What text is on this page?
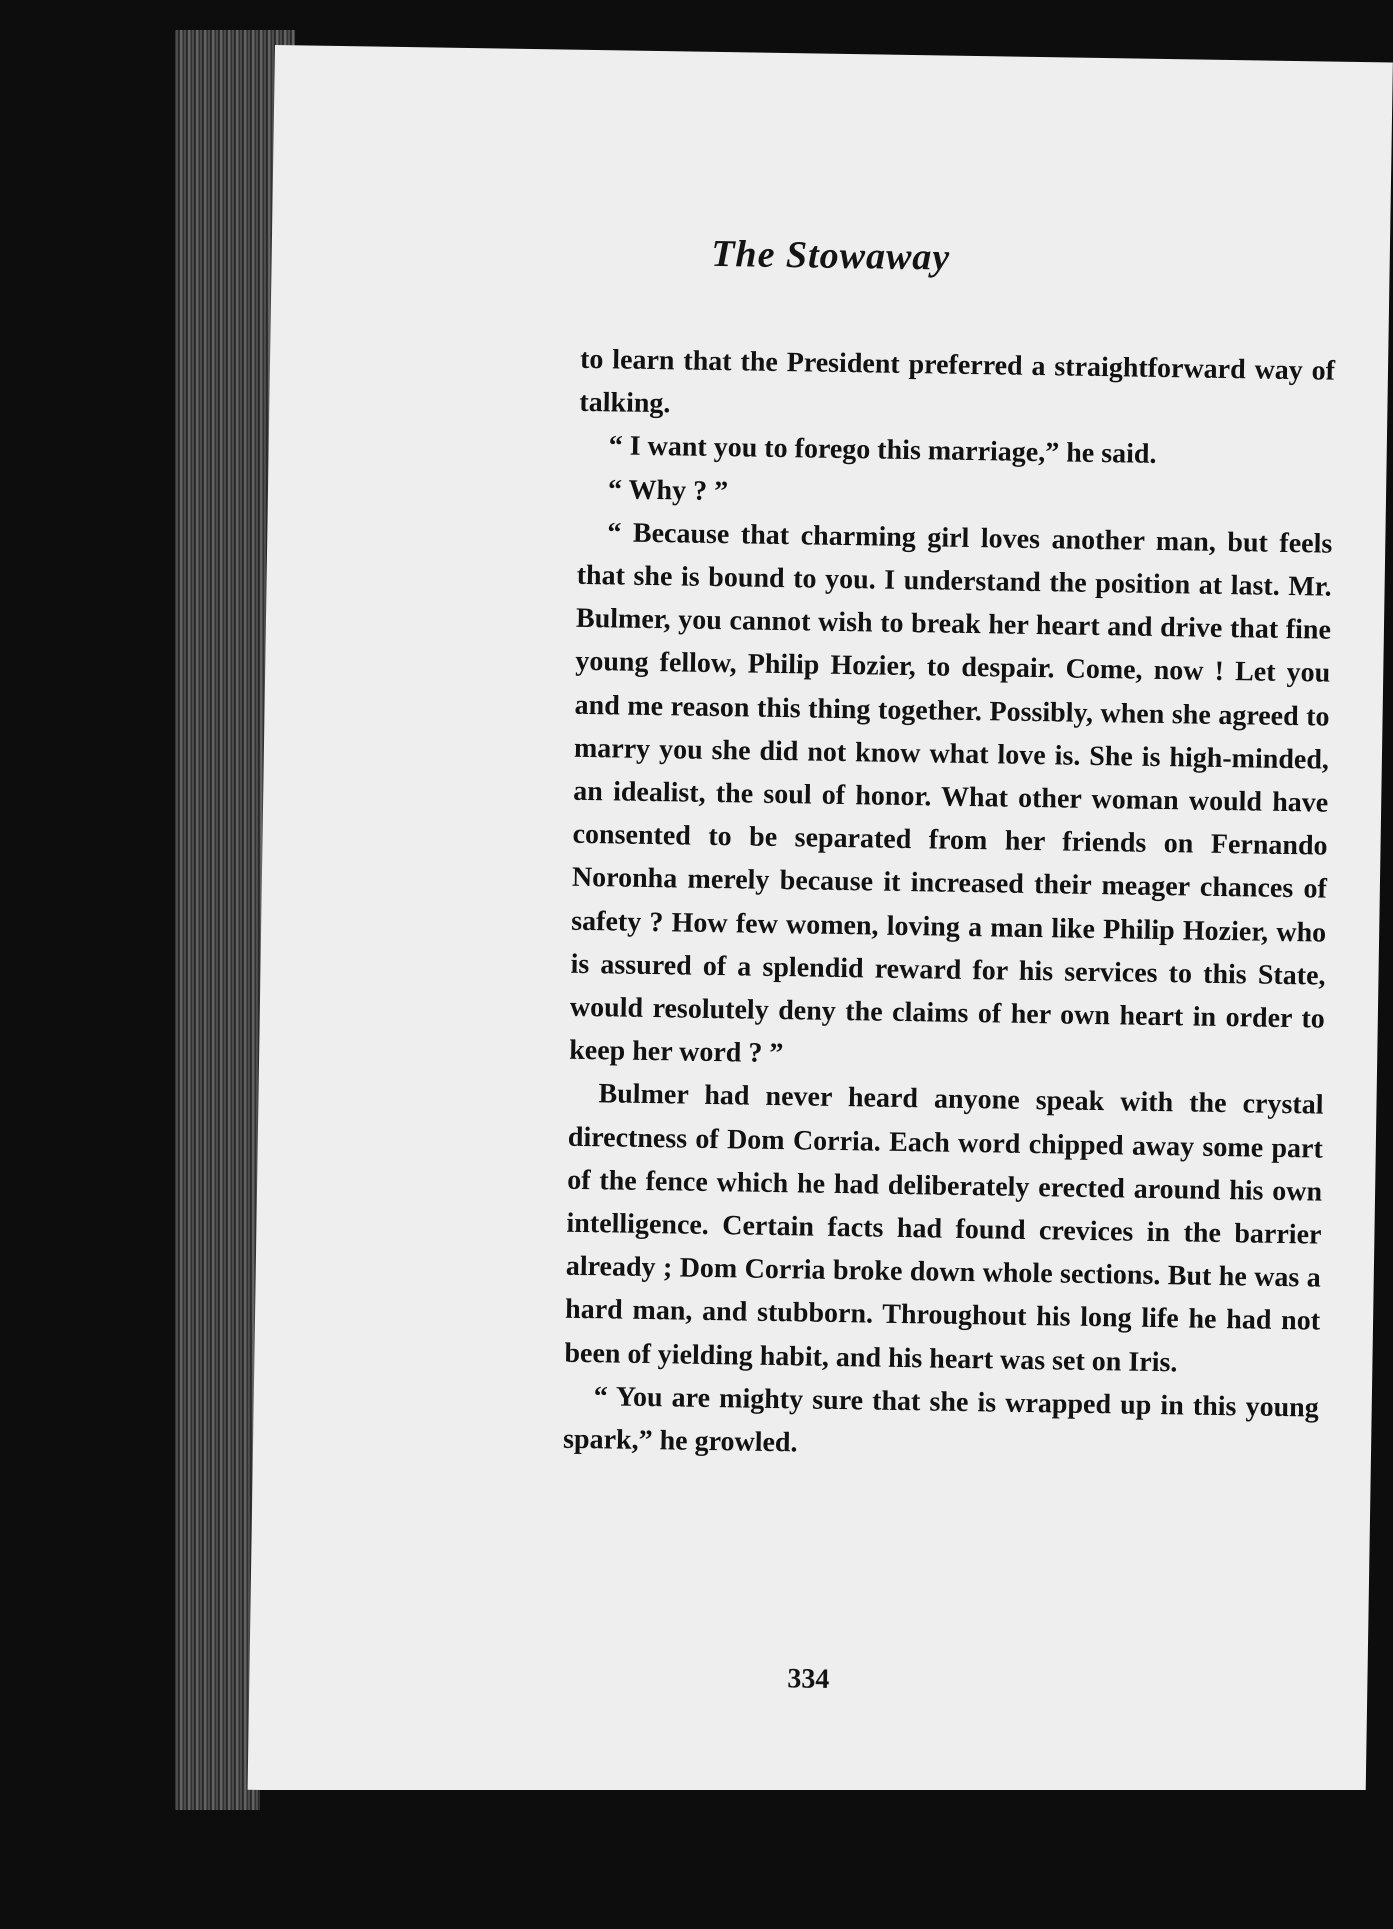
The Stowaway

to learn that the President preferred a straightforward way of talking.

“ I want you to forego this marriage,” he said.

“ Why ? ”

“ Because that charming girl loves another man, but feels that she is bound to you. I understand the position at last. Mr. Bulmer, you cannot wish to break her heart and drive that fine young fellow, Philip Hozier, to despair. Come, now ! Let you and me reason this thing together. Possibly, when she agreed to marry you she did not know what love is. She is high-minded, an idealist, the soul of honor. What other woman would have consented to be separated from her friends on Fernando Noronha merely because it increased their meager chances of safety ? How few women, loving a man like Philip Hozier, who is assured of a splendid reward for his services to this State, would resolutely deny the claims of her own heart in order to keep her word ? ”

Bulmer had never heard anyone speak with the crystal directness of Dom Corria. Each word chipped away some part of the fence which he had deliberately erected around his own intelligence. Certain facts had found crevices in the barrier already ; Dom Corria broke down whole sections. But he was a hard man, and stubborn. Throughout his long life he had not been of yielding habit, and his heart was set on Iris.

“ You are mighty sure that she is wrapped up in this young spark,” he growled.

334
